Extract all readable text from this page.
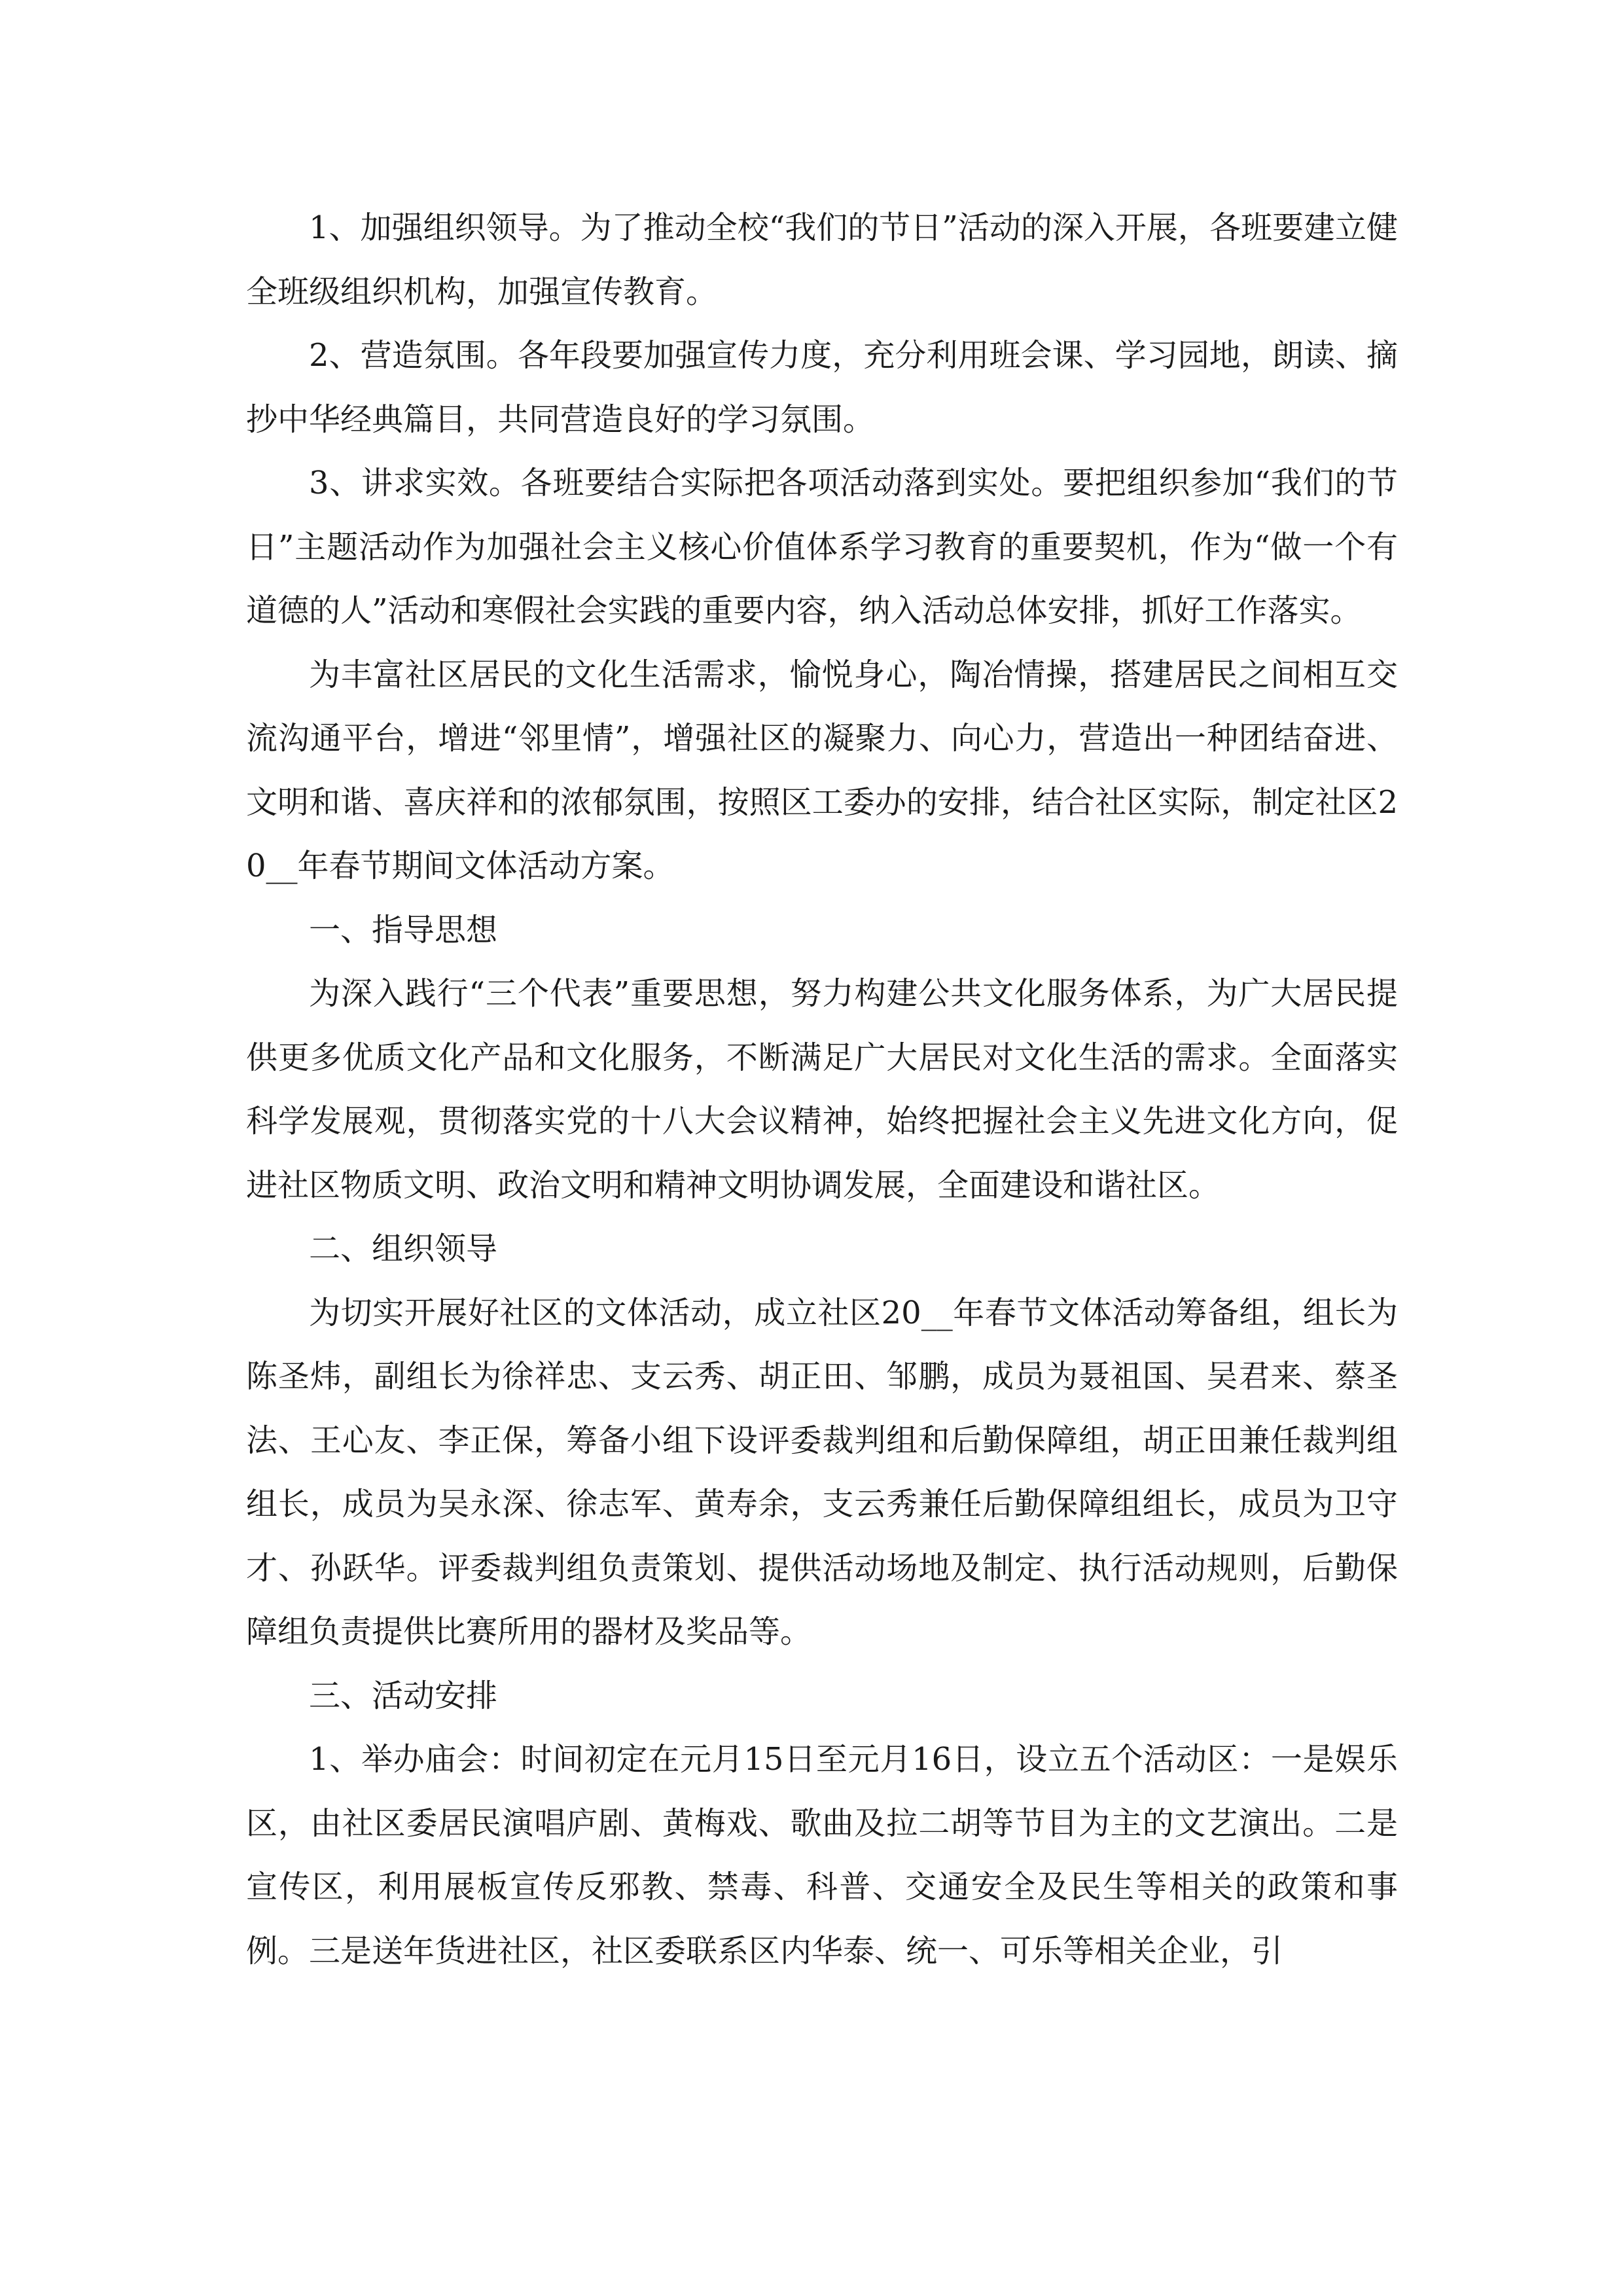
1、加强组织领导。为了推动全校“我们的节日”活动的深入开展，各班要建立健全班级组织机构，加强宣传教育。

2、营造氛围。各年段要加强宣传力度，充分利用班会课、学习园地，朗读、摘抄中华经典篇目，共同营造良好的学习氛围。

3、讲求实效。各班要结合实际把各项活动落到实处。要把组织参加“我们的节日”主题活动作为加强社会主义核心价值体系学习教育的重要契机，作为“做一个有道德的人”活动和寒假社会实践的重要内容，纳入活动总体安排，抓好工作落实。

为丰富社区居民的文化生活需求，愉悦身心，陶冶情操，搭建居民之间相互交流沟通平台，增进“邻里情”，增强社区的凝聚力、向心力，营造出一种团结奋进、文明和谐、喜庆祥和的浓郁氛围，按照区工委办的安排，结合社区实际，制定社区20__年春节期间文体活动方案。

一、指导思想

为深入践行“三个代表”重要思想，努力构建公共文化服务体系，为广大居民提供更多优质文化产品和文化服务，不断满足广大居民对文化生活的需求。全面落实科学发展观，贯彻落实党的十八大会议精神，始终把握社会主义先进文化方向，促进社区物质文明、政治文明和精神文明协调发展，全面建设和谐社区。

二、组织领导

为切实开展好社区的文体活动，成立社区20__年春节文体活动筹备组，组长为陈圣炜，副组长为徐祥忠、支云秀、胡正田、邹鹏，成员为聂祖国、吴君来、蔡圣法、王心友、李正保，筹备小组下设评委裁判组和后勤保障组，胡正田兼任裁判组组长，成员为吴永深、徐志军、黄寿余，支云秀兼任后勤保障组组长，成员为卫守才、孙跃华。评委裁判组负责策划、提供活动场地及制定、执行活动规则，后勤保障组负责提供比赛所用的器材及奖品等。

三、活动安排

1、举办庙会：时间初定在元月15日至元月16日，设立五个活动区：一是娱乐区，由社区委居民演唱庐剧、黄梅戏、歌曲及拉二胡等节目为主的文艺演出。二是宣传区，利用展板宣传反邪教、禁毒、科普、交通安全及民生等相关的政策和事例。三是送年货进社区，社区委联系区内华泰、统一、可乐等相关企业，引
